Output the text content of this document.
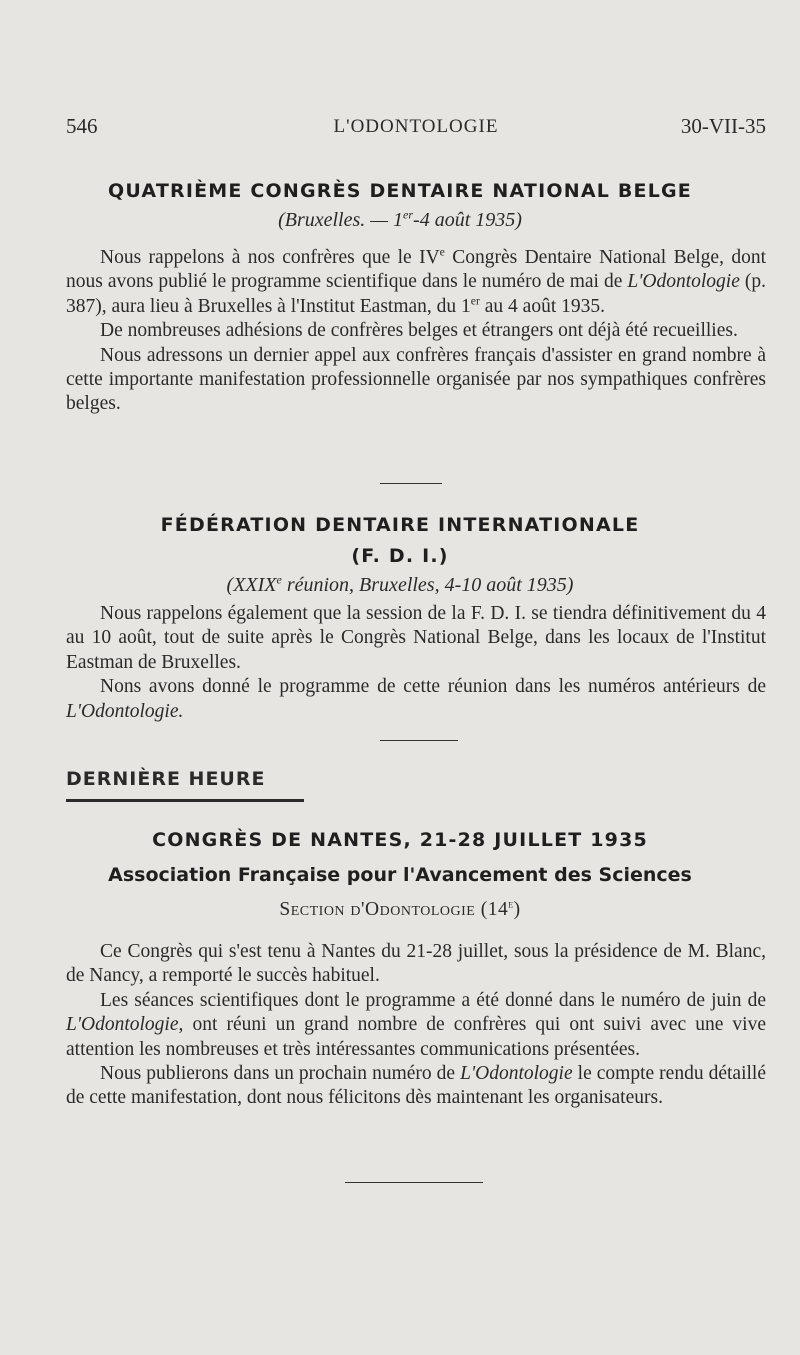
546	L'ODONTOLOGIE	30-VII-35
QUATRIÈME CONGRÈS DENTAIRE NATIONAL BELGE
(Bruxelles. — 1er-4 août 1935)

Nous rappelons à nos confrères que le IVe Congrès Dentaire National Belge, dont nous avons publié le programme scientifique dans le numéro de mai de L'Odontologie (p. 387), aura lieu à Bruxelles à l'Institut Eastman, du 1er au 4 août 1935.

De nombreuses adhésions de confrères belges et étrangers ont déjà été recueillies.

Nous adressons un dernier appel aux confrères français d'assister en grand nombre à cette importante manifestation professionnelle organisée par nos sympathiques confrères belges.

FÉDÉRATION DENTAIRE INTERNATIONALE
(F. D. I.)
(XXIXe réunion, Bruxelles, 4-10 août 1935)

Nous rappelons également que la session de la F. D. I. se tiendra définitivement du 4 au 10 août, tout de suite après le Congrès National Belge, dans les locaux de l'Institut Eastman de Bruxelles.

Nons avons donné le programme de cette réunion dans les numéros antérieurs de L'Odontologie.

DERNIÈRE HEURE
CONGRÈS DE NANTES, 21-28 JUILLET 1935
Association Française pour l'Avancement des Sciences
Section d'Odontologie (14e)

Ce Congrès qui s'est tenu à Nantes du 21-28 juillet, sous la présidence de M. Blanc, de Nancy, a remporté le succès habituel.

Les séances scientifiques dont le programme a été donné dans le numéro de juin de L'Odontologie, ont réuni un grand nombre de confrères qui ont suivi avec une vive attention les nombreuses et très intéressantes communications présentées.

Nous publierons dans un prochain numéro de L'Odontologie le compte rendu détaillé de cette manifestation, dont nous félicitons dès maintenant les organisateurs.
